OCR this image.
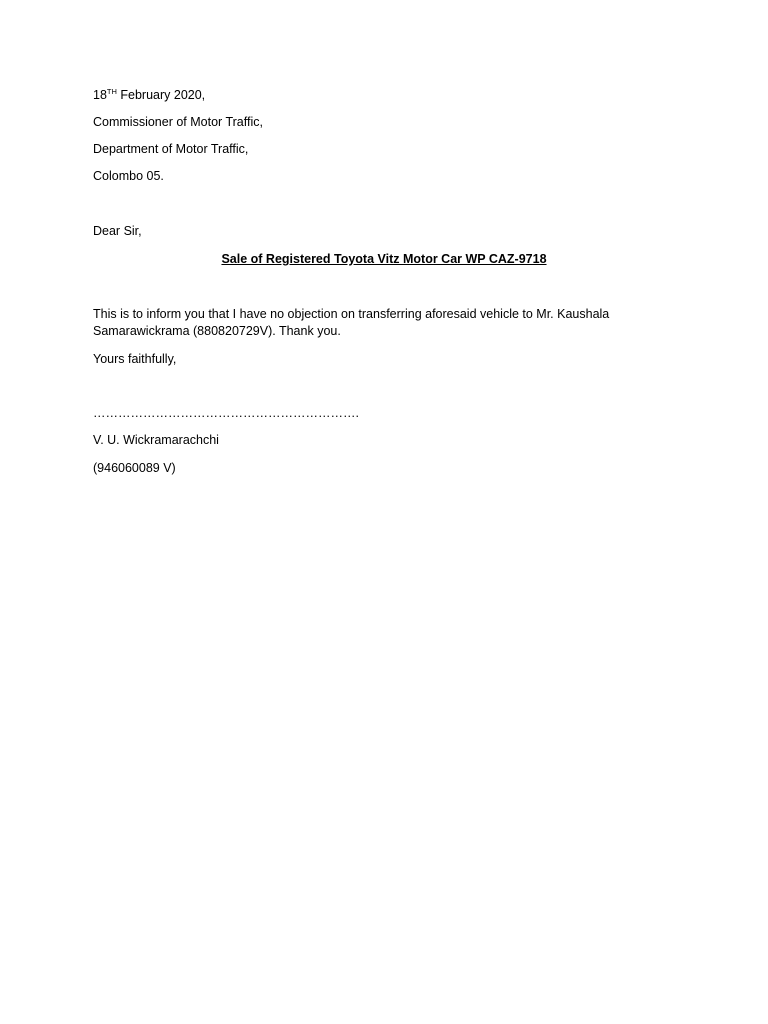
18TH February 2020,
Commissioner of Motor Traffic,
Department of Motor Traffic,
Colombo 05.
Dear Sir,
Sale of Registered Toyota Vitz Motor Car WP CAZ-9718
This is to inform you that I have no objection on transferring aforesaid vehicle to Mr. Kaushala
Samarawickrama (880820729V). Thank you.
Yours faithfully,
……………………………………………………….
V. U. Wickramarachchi
(946060089 V)
